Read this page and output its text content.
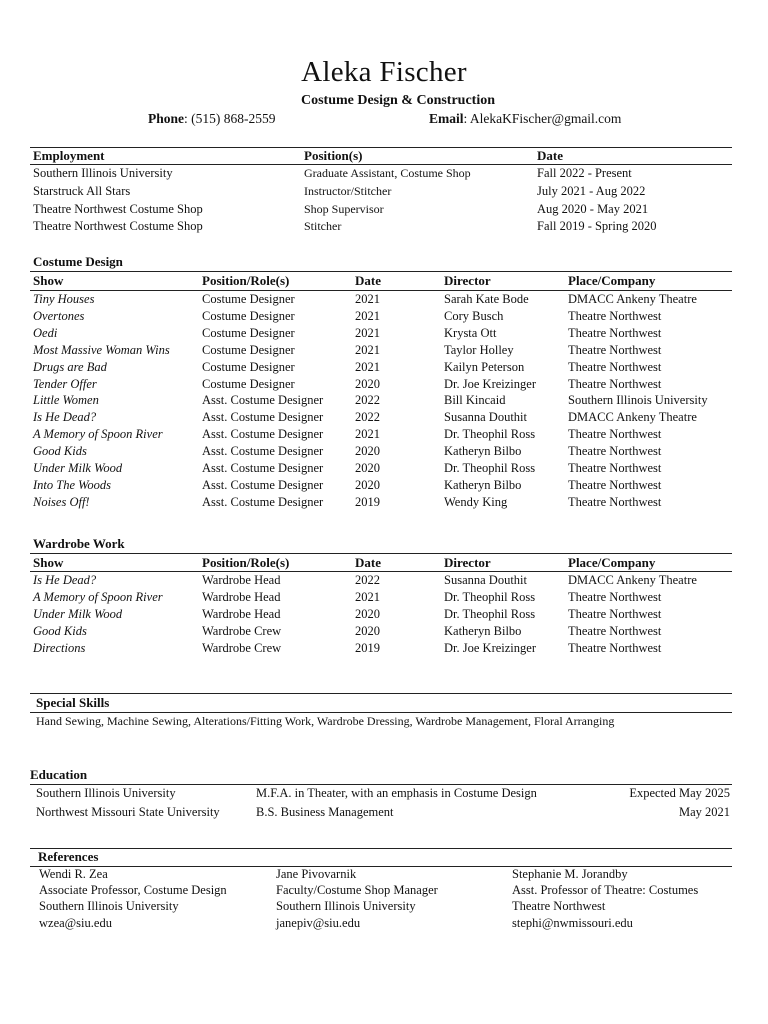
Aleka Fischer
Costume Design & Construction
Phone: (515) 868-2559	Email: AlekaKFischer@gmail.com
Employment	Position(s)	Date
Southern Illinois University	Graduate Assistant, Costume Shop	Fall 2022 - Present
Starstruck All Stars	Instructor/Stitcher	July 2021 - Aug 2022
Theatre Northwest Costume Shop	Shop Supervisor	Aug 2020 - May 2021
Theatre Northwest Costume Shop	Stitcher	Fall 2019 - Spring 2020
Costume Design
Show	Position/Role(s)	Date	Director	Place/Company
Tiny Houses	Costume Designer	2021	Sarah Kate Bode	DMACC Ankeny Theatre
Overtones	Costume Designer	2021	Cory Busch	Theatre Northwest
Oedi	Costume Designer	2021	Krysta Ott	Theatre Northwest
Most Massive Woman Wins	Costume Designer	2021	Taylor Holley	Theatre Northwest
Drugs are Bad	Costume Designer	2021	Kailyn Peterson	Theatre Northwest
Tender Offer	Costume Designer	2020	Dr. Joe Kreizinger	Theatre Northwest
Little Women	Asst. Costume Designer	2022	Bill Kincaid	Southern Illinois University
Is He Dead?	Asst. Costume Designer	2022	Susanna Douthit	DMACC Ankeny Theatre
A Memory of Spoon River	Asst. Costume Designer	2021	Dr. Theophil Ross	Theatre Northwest
Good Kids	Asst. Costume Designer	2020	Katheryn Bilbo	Theatre Northwest
Under Milk Wood	Asst. Costume Designer	2020	Dr. Theophil Ross	Theatre Northwest
Into The Woods	Asst. Costume Designer	2020	Katheryn Bilbo	Theatre Northwest
Noises Off!	Asst. Costume Designer	2019	Wendy King	Theatre Northwest
Wardrobe Work
Show	Position/Role(s)	Date	Director	Place/Company
Is He Dead?	Wardrobe Head	2022	Susanna Douthit	DMACC Ankeny Theatre
A Memory of Spoon River	Wardrobe Head	2021	Dr. Theophil Ross	Theatre Northwest
Under Milk Wood	Wardrobe Head	2020	Dr. Theophil Ross	Theatre Northwest
Good Kids	Wardrobe Crew	2020	Katheryn Bilbo	Theatre Northwest
Directions	Wardrobe Crew	2019	Dr. Joe Kreizinger	Theatre Northwest
Special Skills
Hand Sewing, Machine Sewing, Alterations/Fitting Work, Wardrobe Dressing, Wardrobe Management, Floral Arranging
Education
Southern Illinois University	M.F.A. in Theater, with an emphasis in Costume Design	Expected May 2025
Northwest Missouri State University	B.S. Business Management	May 2021
References
Wendi R. Zea
Associate Professor, Costume Design
Southern Illinois University
wzea@siu.edu
Jane Pivovarnik
Faculty/Costume Shop Manager
Southern Illinois University
janepiv@siu.edu
Stephanie M. Jorandby
Asst. Professor of Theatre: Costumes
Theatre Northwest
stephi@nwmissouri.edu
